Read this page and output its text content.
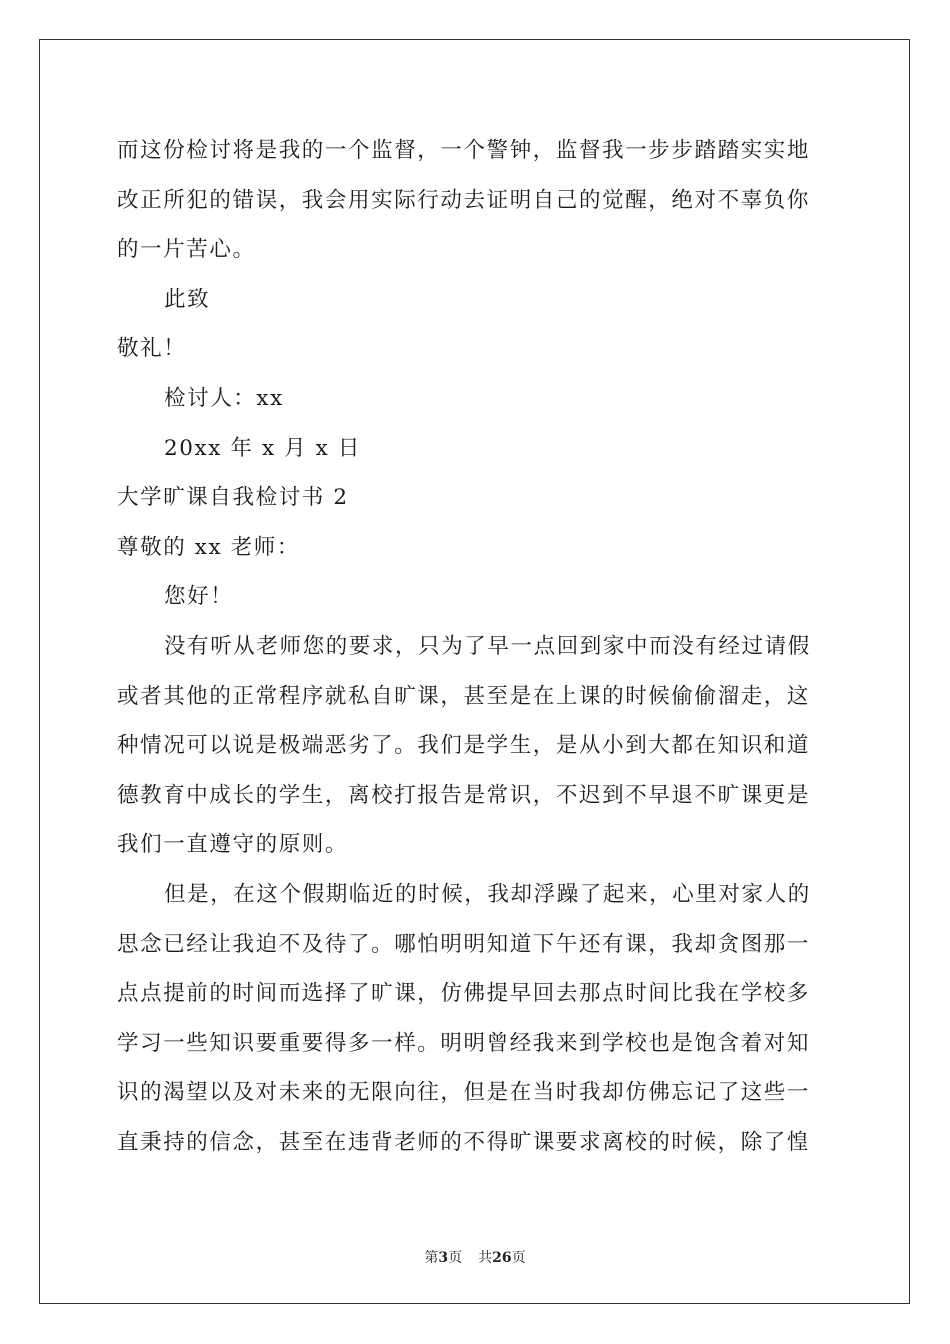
而这份检讨将是我的一个监督，一个警钟，监督我一步步踏踏实实地
改正所犯的错误，我会用实际行动去证明自己的觉醒，绝对不辜负你
的一片苦心。
此致
敬礼！
检讨人：xx
20xx 年 x 月 x 日
大学旷课自我检讨书 2
尊敬的 xx 老师：
您好！
没有听从老师您的要求，只为了早一点回到家中而没有经过请假
或者其他的正常程序就私自旷课，甚至是在上课的时候偷偷溜走，这
种情况可以说是极端恶劣了。我们是学生，是从小到大都在知识和道
德教育中成长的学生，离校打报告是常识，不迟到不早退不旷课更是
我们一直遵守的原则。
但是，在这个假期临近的时候，我却浮躁了起来，心里对家人的
思念已经让我迫不及待了。哪怕明明知道下午还有课，我却贪图那一
点点提前的时间而选择了旷课，仿佛提早回去那点时间比我在学校多
学习一些知识要重要得多一样。明明曾经我来到学校也是饱含着对知
识的渴望以及对未来的无限向往，但是在当时我却仿佛忘记了这些一
直秉持的信念，甚至在违背老师的不得旷课要求离校的时候，除了惶
第3页 共26页
